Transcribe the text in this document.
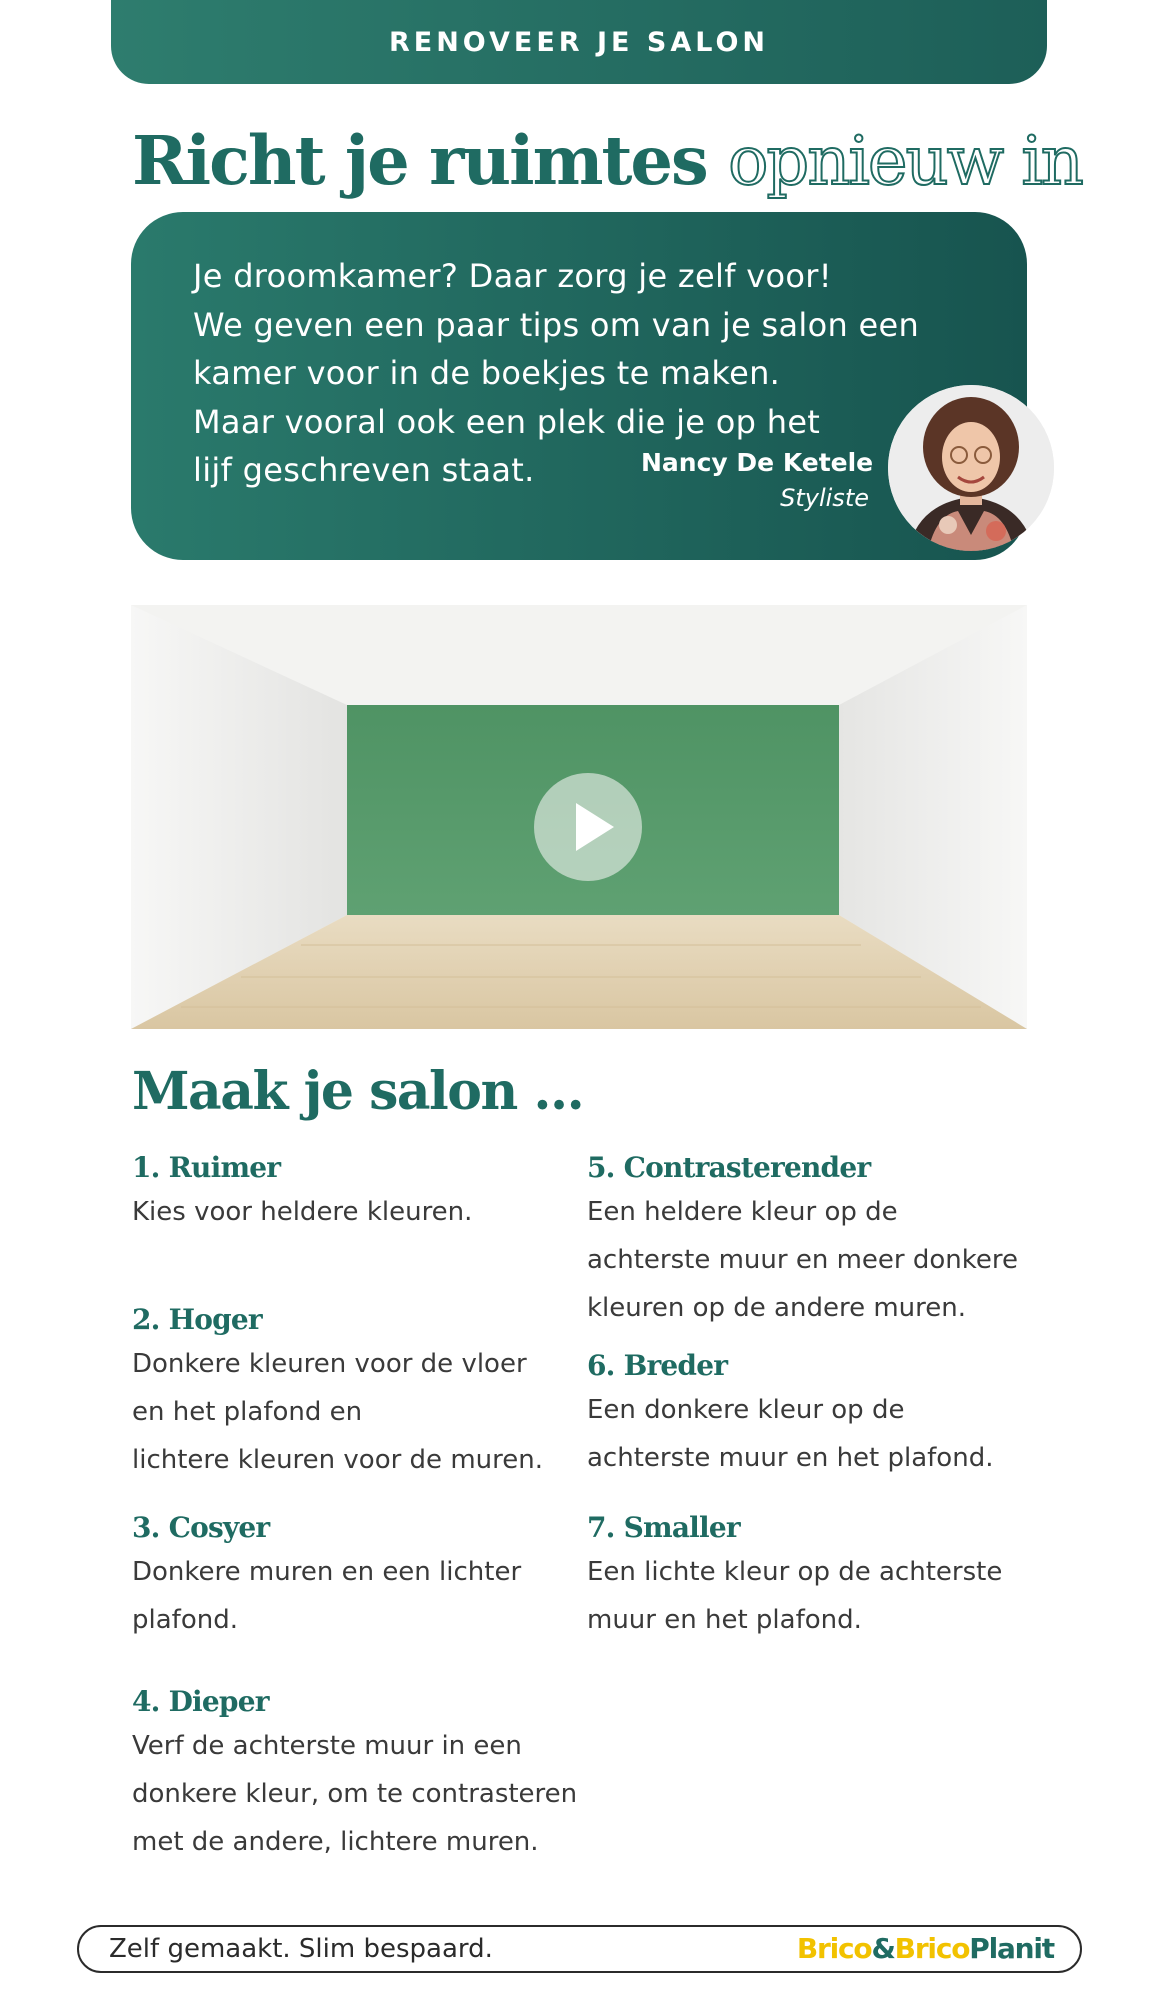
RENOVEER JE SALON
Richt je ruimtes opnieuw in
Je droomkamer? Daar zorg je zelf voor!
We geven een paar tips om van je salon een
kamer voor in de boekjes te maken.
Maar vooral ook een plek die je op het
lijf geschreven staat.	Nancy De Ketele
Styliste
Maak je salon ...
1. Ruimer
Kies voor heldere kleuren.
2. Hoger
Donkere kleuren voor de vloer
en het plafond en
lichtere kleuren voor de muren.
3. Cosyer
Donkere muren en een lichter
plafond.
4. Dieper
Verf de achterste muur in een
donkere kleur, om te contrasteren
met de andere, lichtere muren.
5. Contrasterender
Een heldere kleur op de
achterste muur en meer donkere
kleuren op de andere muren.
6. Breder
Een donkere kleur op de
achterste muur en het plafond.
7. Smaller
Een lichte kleur op de achterste
muur en het plafond.
Zelf gemaakt. Slim bespaard.	Brico&BricoPlanit
